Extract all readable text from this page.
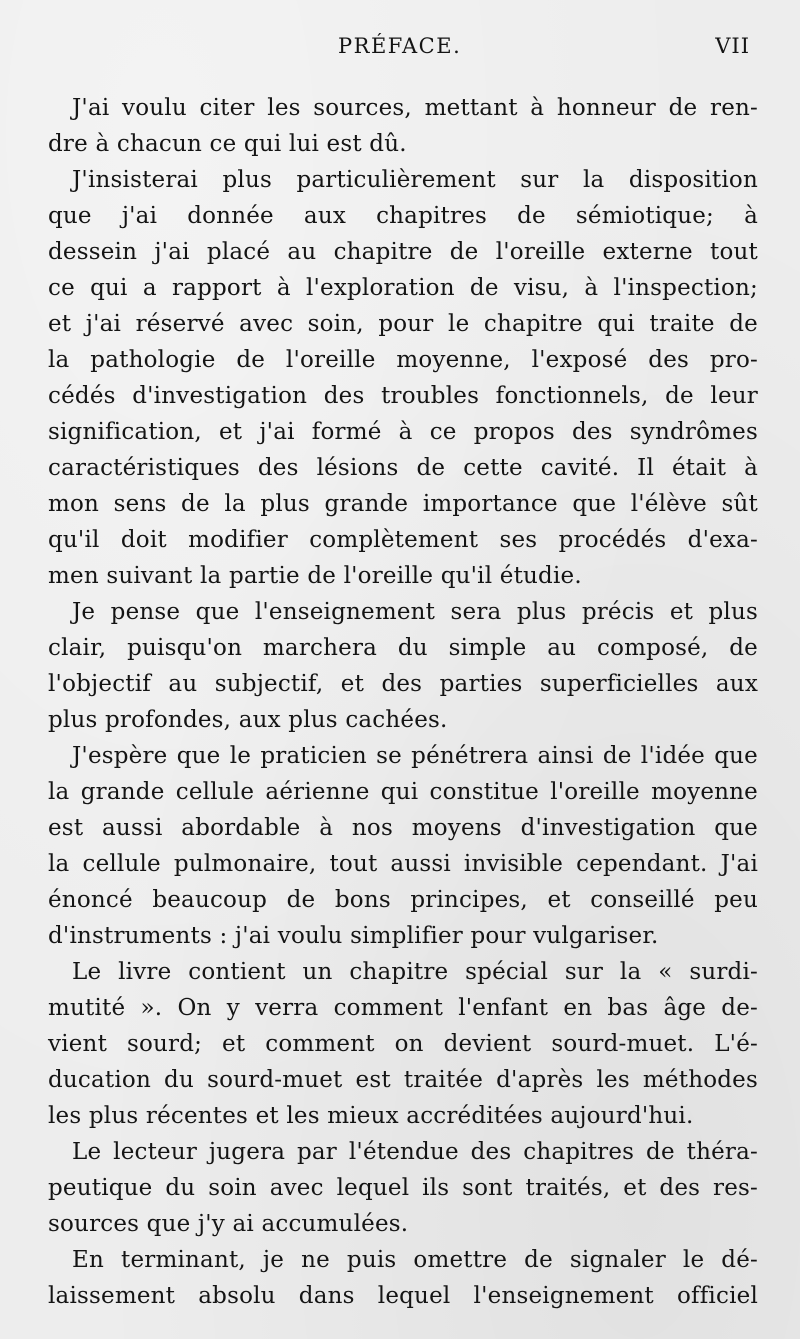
PRÉFACE.	VII
J'ai voulu citer les sources, mettant à honneur de ren-
dre à chacun ce qui lui est dû.
J'insisterai plus particulièrement sur la disposition
que j'ai donnée aux chapitres de sémiotique; à
dessein j'ai placé au chapitre de l'oreille externe tout
ce qui a rapport à l'exploration de visu, à l'inspection;
et j'ai réservé avec soin, pour le chapitre qui traite de
la pathologie de l'oreille moyenne, l'exposé des pro-
cédés d'investigation des troubles fonctionnels, de leur
signification, et j'ai formé à ce propos des syndrômes
caractéristiques des lésions de cette cavité. Il était à
mon sens de la plus grande importance que l'élève sût
qu'il doit modifier complètement ses procédés d'exa-
men suivant la partie de l'oreille qu'il étudie.
Je pense que l'enseignement sera plus précis et plus
clair, puisqu'on marchera du simple au composé, de
l'objectif au subjectif, et des parties superficielles aux
plus profondes, aux plus cachées.
J'espère que le praticien se pénétrera ainsi de l'idée que
la grande cellule aérienne qui constitue l'oreille moyenne
est aussi abordable à nos moyens d'investigation que
la cellule pulmonaire, tout aussi invisible cependant. J'ai
énoncé beaucoup de bons principes, et conseillé peu
d'instruments : j'ai voulu simplifier pour vulgariser.
Le livre contient un chapitre spécial sur la « surdi-
mutité ». On y verra comment l'enfant en bas âge de-
vient sourd; et comment on devient sourd-muet. L'é-
ducation du sourd-muet est traitée d'après les méthodes
les plus récentes et les mieux accréditées aujourd'hui.
Le lecteur jugera par l'étendue des chapitres de théra-
peutique du soin avec lequel ils sont traités, et des res-
sources que j'y ai accumulées.
En terminant, je ne puis omettre de signaler le dé-
laissement absolu dans lequel l'enseignement officiel
